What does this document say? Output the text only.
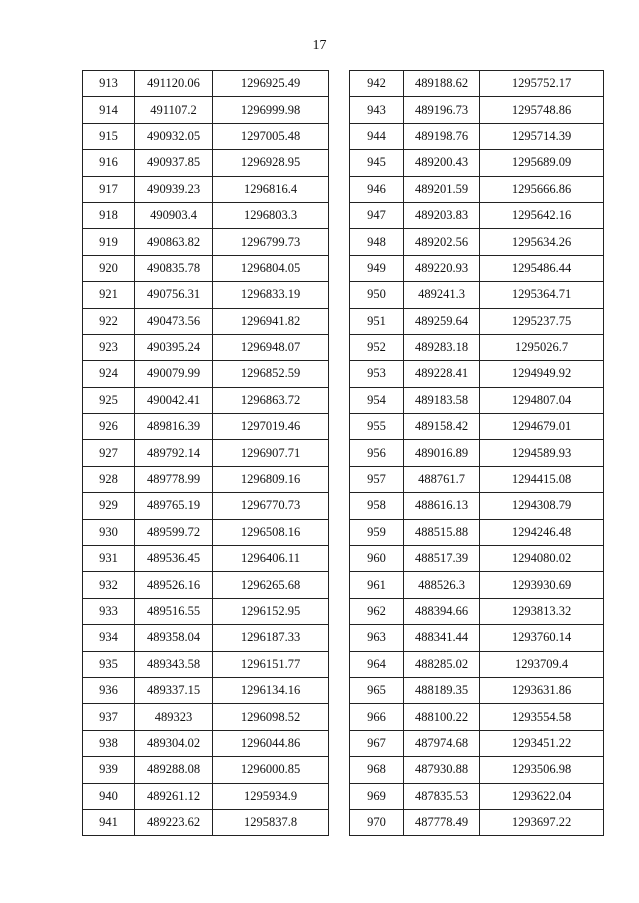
17
913	491120.06	1296925.49
914	491107.2	1296999.98
915	490932.05	1297005.48
916	490937.85	1296928.95
917	490939.23	1296816.4
918	490903.4	1296803.3
919	490863.82	1296799.73
920	490835.78	1296804.05
921	490756.31	1296833.19
922	490473.56	1296941.82
923	490395.24	1296948.07
924	490079.99	1296852.59
925	490042.41	1296863.72
926	489816.39	1297019.46
927	489792.14	1296907.71
928	489778.99	1296809.16
929	489765.19	1296770.73
930	489599.72	1296508.16
931	489536.45	1296406.11
932	489526.16	1296265.68
933	489516.55	1296152.95
934	489358.04	1296187.33
935	489343.58	1296151.77
936	489337.15	1296134.16
937	489323	1296098.52
938	489304.02	1296044.86
939	489288.08	1296000.85
940	489261.12	1295934.9
941	489223.62	1295837.8
942	489188.62	1295752.17
943	489196.73	1295748.86
944	489198.76	1295714.39
945	489200.43	1295689.09
946	489201.59	1295666.86
947	489203.83	1295642.16
948	489202.56	1295634.26
949	489220.93	1295486.44
950	489241.3	1295364.71
951	489259.64	1295237.75
952	489283.18	1295026.7
953	489228.41	1294949.92
954	489183.58	1294807.04
955	489158.42	1294679.01
956	489016.89	1294589.93
957	488761.7	1294415.08
958	488616.13	1294308.79
959	488515.88	1294246.48
960	488517.39	1294080.02
961	488526.3	1293930.69
962	488394.66	1293813.32
963	488341.44	1293760.14
964	488285.02	1293709.4
965	488189.35	1293631.86
966	488100.22	1293554.58
967	487974.68	1293451.22
968	487930.88	1293506.98
969	487835.53	1293622.04
970	487778.49	1293697.22
